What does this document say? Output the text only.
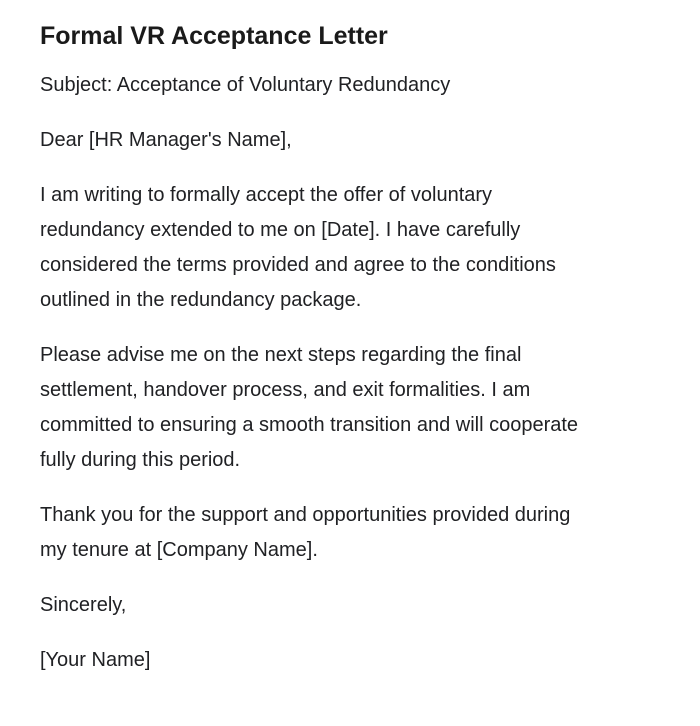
Formal VR Acceptance Letter

Subject: Acceptance of Voluntary Redundancy

Dear [HR Manager's Name],

I am writing to formally accept the offer of voluntary redundancy extended to me on [Date]. I have carefully considered the terms provided and agree to the conditions outlined in the redundancy package.

Please advise me on the next steps regarding the final settlement, handover process, and exit formalities. I am committed to ensuring a smooth transition and will cooperate fully during this period.

Thank you for the support and opportunities provided during my tenure at [Company Name].

Sincerely,

[Your Name]
